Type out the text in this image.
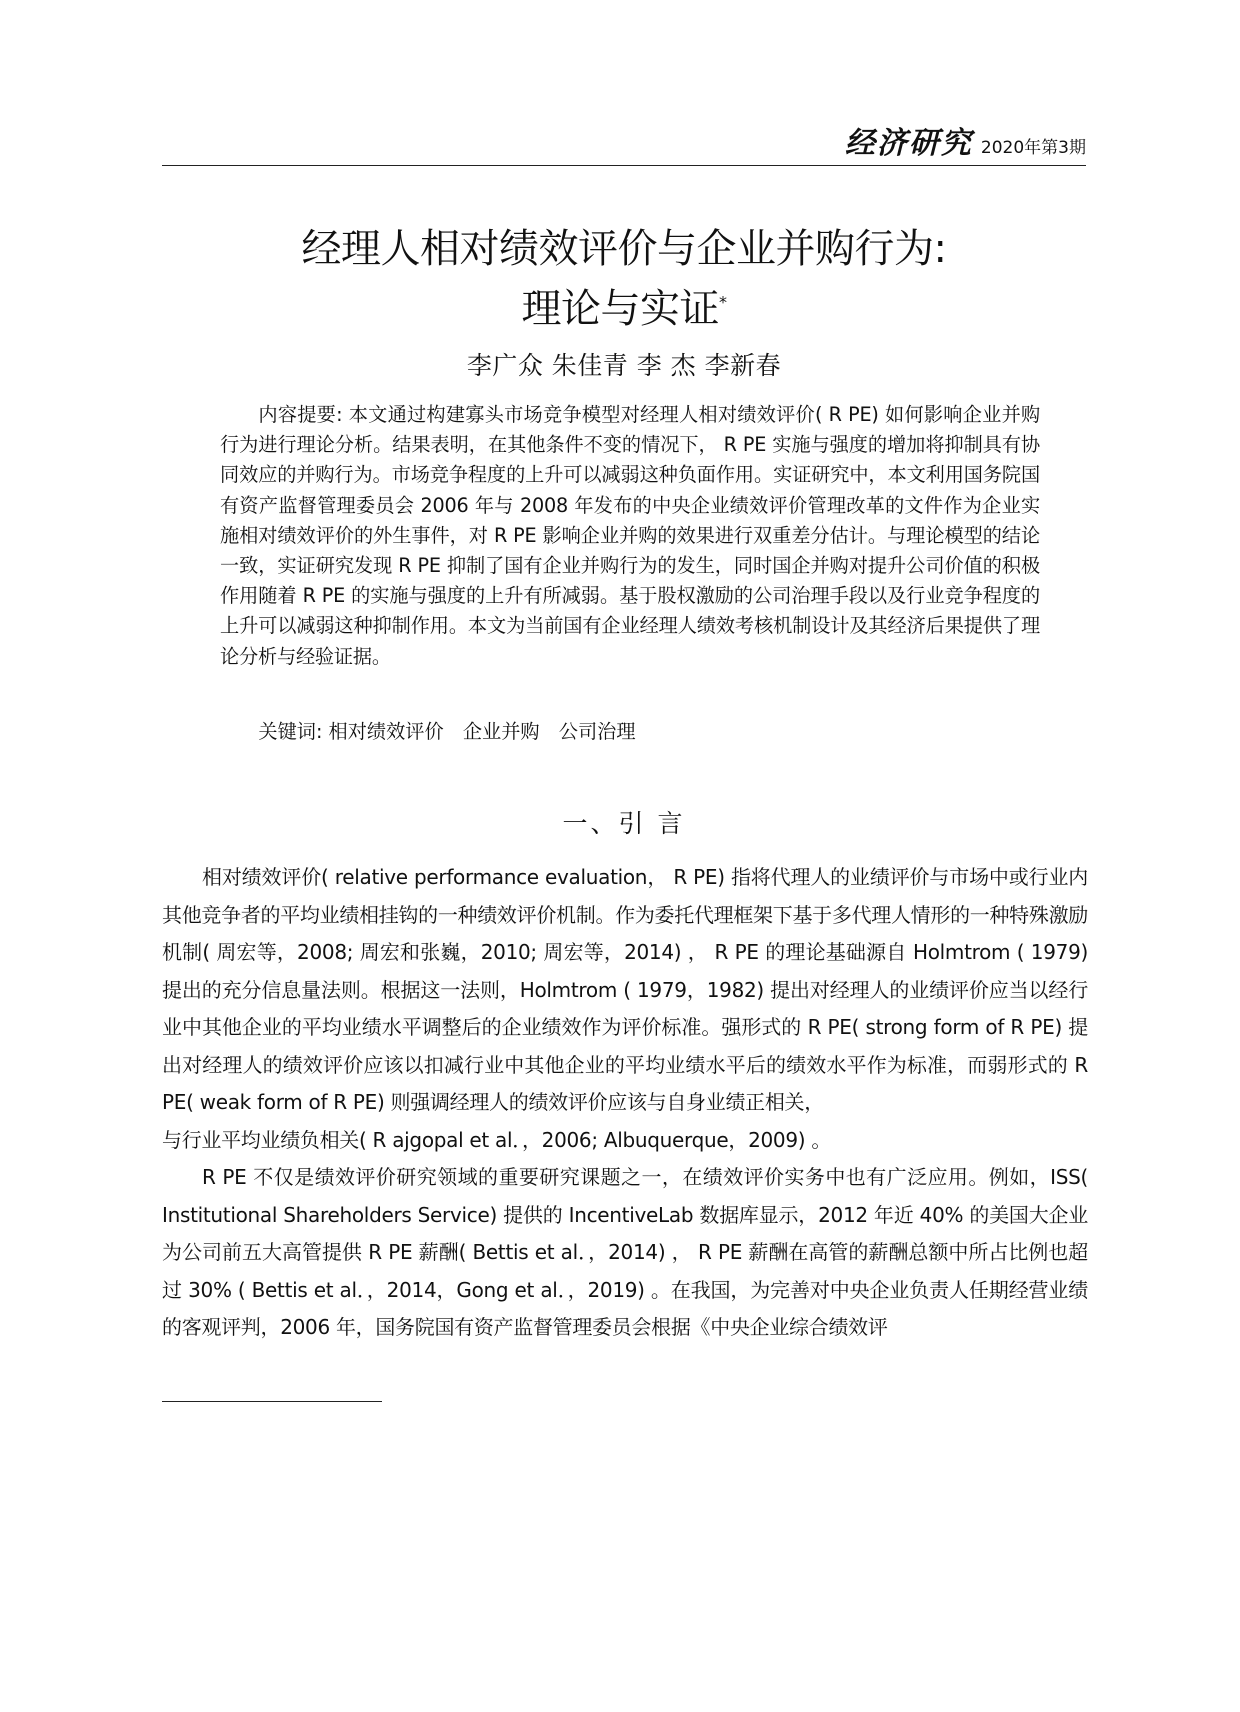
经济研究 2020年第3期
经理人相对绩效评价与企业并购行为:
理论与实证*
李广众 朱佳青 李 杰 李新春

内容提要: 本文通过构建寡头市场竞争模型对经理人相对绩效评价( R PE) 如何影响企业并购行为进行理论分析。结果表明，在其他条件不变的情况下， R PE 实施与强度的增加将抑制具有协同效应的并购行为。市场竞争程度的上升可以减弱这种负面作用。实证研究中，本文利用国务院国有资产监督管理委员会 2006 年与 2008 年发布的中央企业绩效评价管理改革的文件作为企业实施相对绩效评价的外生事件，对 R PE 影响企业并购的效果进行双重差分估计。与理论模型的结论一致，实证研究发现 R PE 抑制了国有企业并购行为的发生，同时国企并购对提升公司价值的积极作用随着 R PE 的实施与强度的上升有所减弱。基于股权激励的公司治理手段以及行业竞争程度的上升可以减弱这种抑制作用。本文为当前国有企业经理人绩效考核机制设计及其经济后果提供了理论分析与经验证据。

关键词: 相对绩效评价　企业并购　公司治理

一、引 言

相对绩效评价( relative performance evaluation， R PE) 指将代理人的业绩评价与市场中或行业内其他竞争者的平均业绩相挂钩的一种绩效评价机制。作为委托代理框架下基于多代理人情形的一种特殊激励机制( 周宏等，2008; 周宏和张巍，2010; 周宏等，2014) ， R PE 的理论基础源自 Holmtrom ( 1979) 提出的充分信息量法则。根据这一法则，Holmtrom ( 1979，1982) 提出对经理人的业绩评价应当以经行业中其他企业的平均业绩水平调整后的企业绩效作为评价标准。强形式的 R PE( strong form of R PE) 提出对经理人的绩效评价应该以扣减行业中其他企业的平均业绩水平后的绩效水平作为标准，而弱形式的 R PE( weak form of R PE) 则强调经理人的绩效评价应该与自身业绩正相关，

与行业平均业绩负相关( R ajgopal et al．，2006; Albuquerque，2009) 。

R PE 不仅是绩效评价研究领域的重要研究课题之一，在绩效评价实务中也有广泛应用。例如，ISS( Institutional Shareholders Service) 提供的 IncentiveLab 数据库显示，2012 年近 40% 的美国大企业为公司前五大高管提供 R PE 薪酬( Bettis et al．，2014) ， R PE 薪酬在高管的薪酬总额中所占比例也超过 30% ( Bettis et al．，2014，Gong et al．，2019) 。在我国，为完善对中央企业负责人任期经营业绩的客观评判，2006 年，国务院国有资产监督管理委员会根据《中央企业综合绩效评
